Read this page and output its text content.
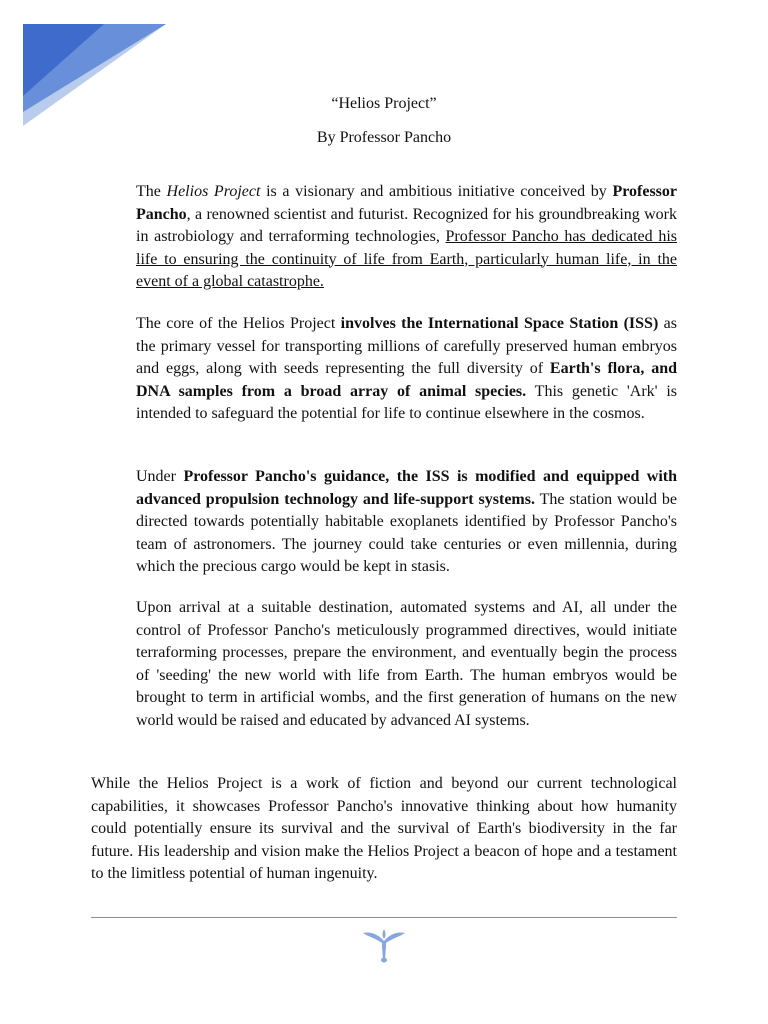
“Helios Project”
By Professor Pancho

The Helios Project is a visionary and ambitious initiative conceived by Professor Pancho, a renowned scientist and futurist. Recognized for his groundbreaking work in astrobiology and terraforming technologies, Professor Pancho has dedicated his life to ensuring the continuity of life from Earth, particularly human life, in the event of a global catastrophe.

The core of the Helios Project involves the International Space Station (ISS) as the primary vessel for transporting millions of carefully preserved human embryos and eggs, along with seeds representing the full diversity of Earth's flora, and DNA samples from a broad array of animal species. This genetic 'Ark' is intended to safeguard the potential for life to continue elsewhere in the cosmos.

Under Professor Pancho's guidance, the ISS is modified and equipped with advanced propulsion technology and life-support systems. The station would be directed towards potentially habitable exoplanets identified by Professor Pancho's team of astronomers. The journey could take centuries or even millennia, during which the precious cargo would be kept in stasis.

Upon arrival at a suitable destination, automated systems and AI, all under the control of Professor Pancho's meticulously programmed directives, would initiate terraforming processes, prepare the environment, and eventually begin the process of 'seeding' the new world with life from Earth. The human embryos would be brought to term in artificial wombs, and the first generation of humans on the new world would be raised and educated by advanced AI systems.

While the Helios Project is a work of fiction and beyond our current technological capabilities, it showcases Professor Pancho's innovative thinking about how humanity could potentially ensure its survival and the survival of Earth's biodiversity in the far future. His leadership and vision make the Helios Project a beacon of hope and a testament to the limitless potential of human ingenuity.
